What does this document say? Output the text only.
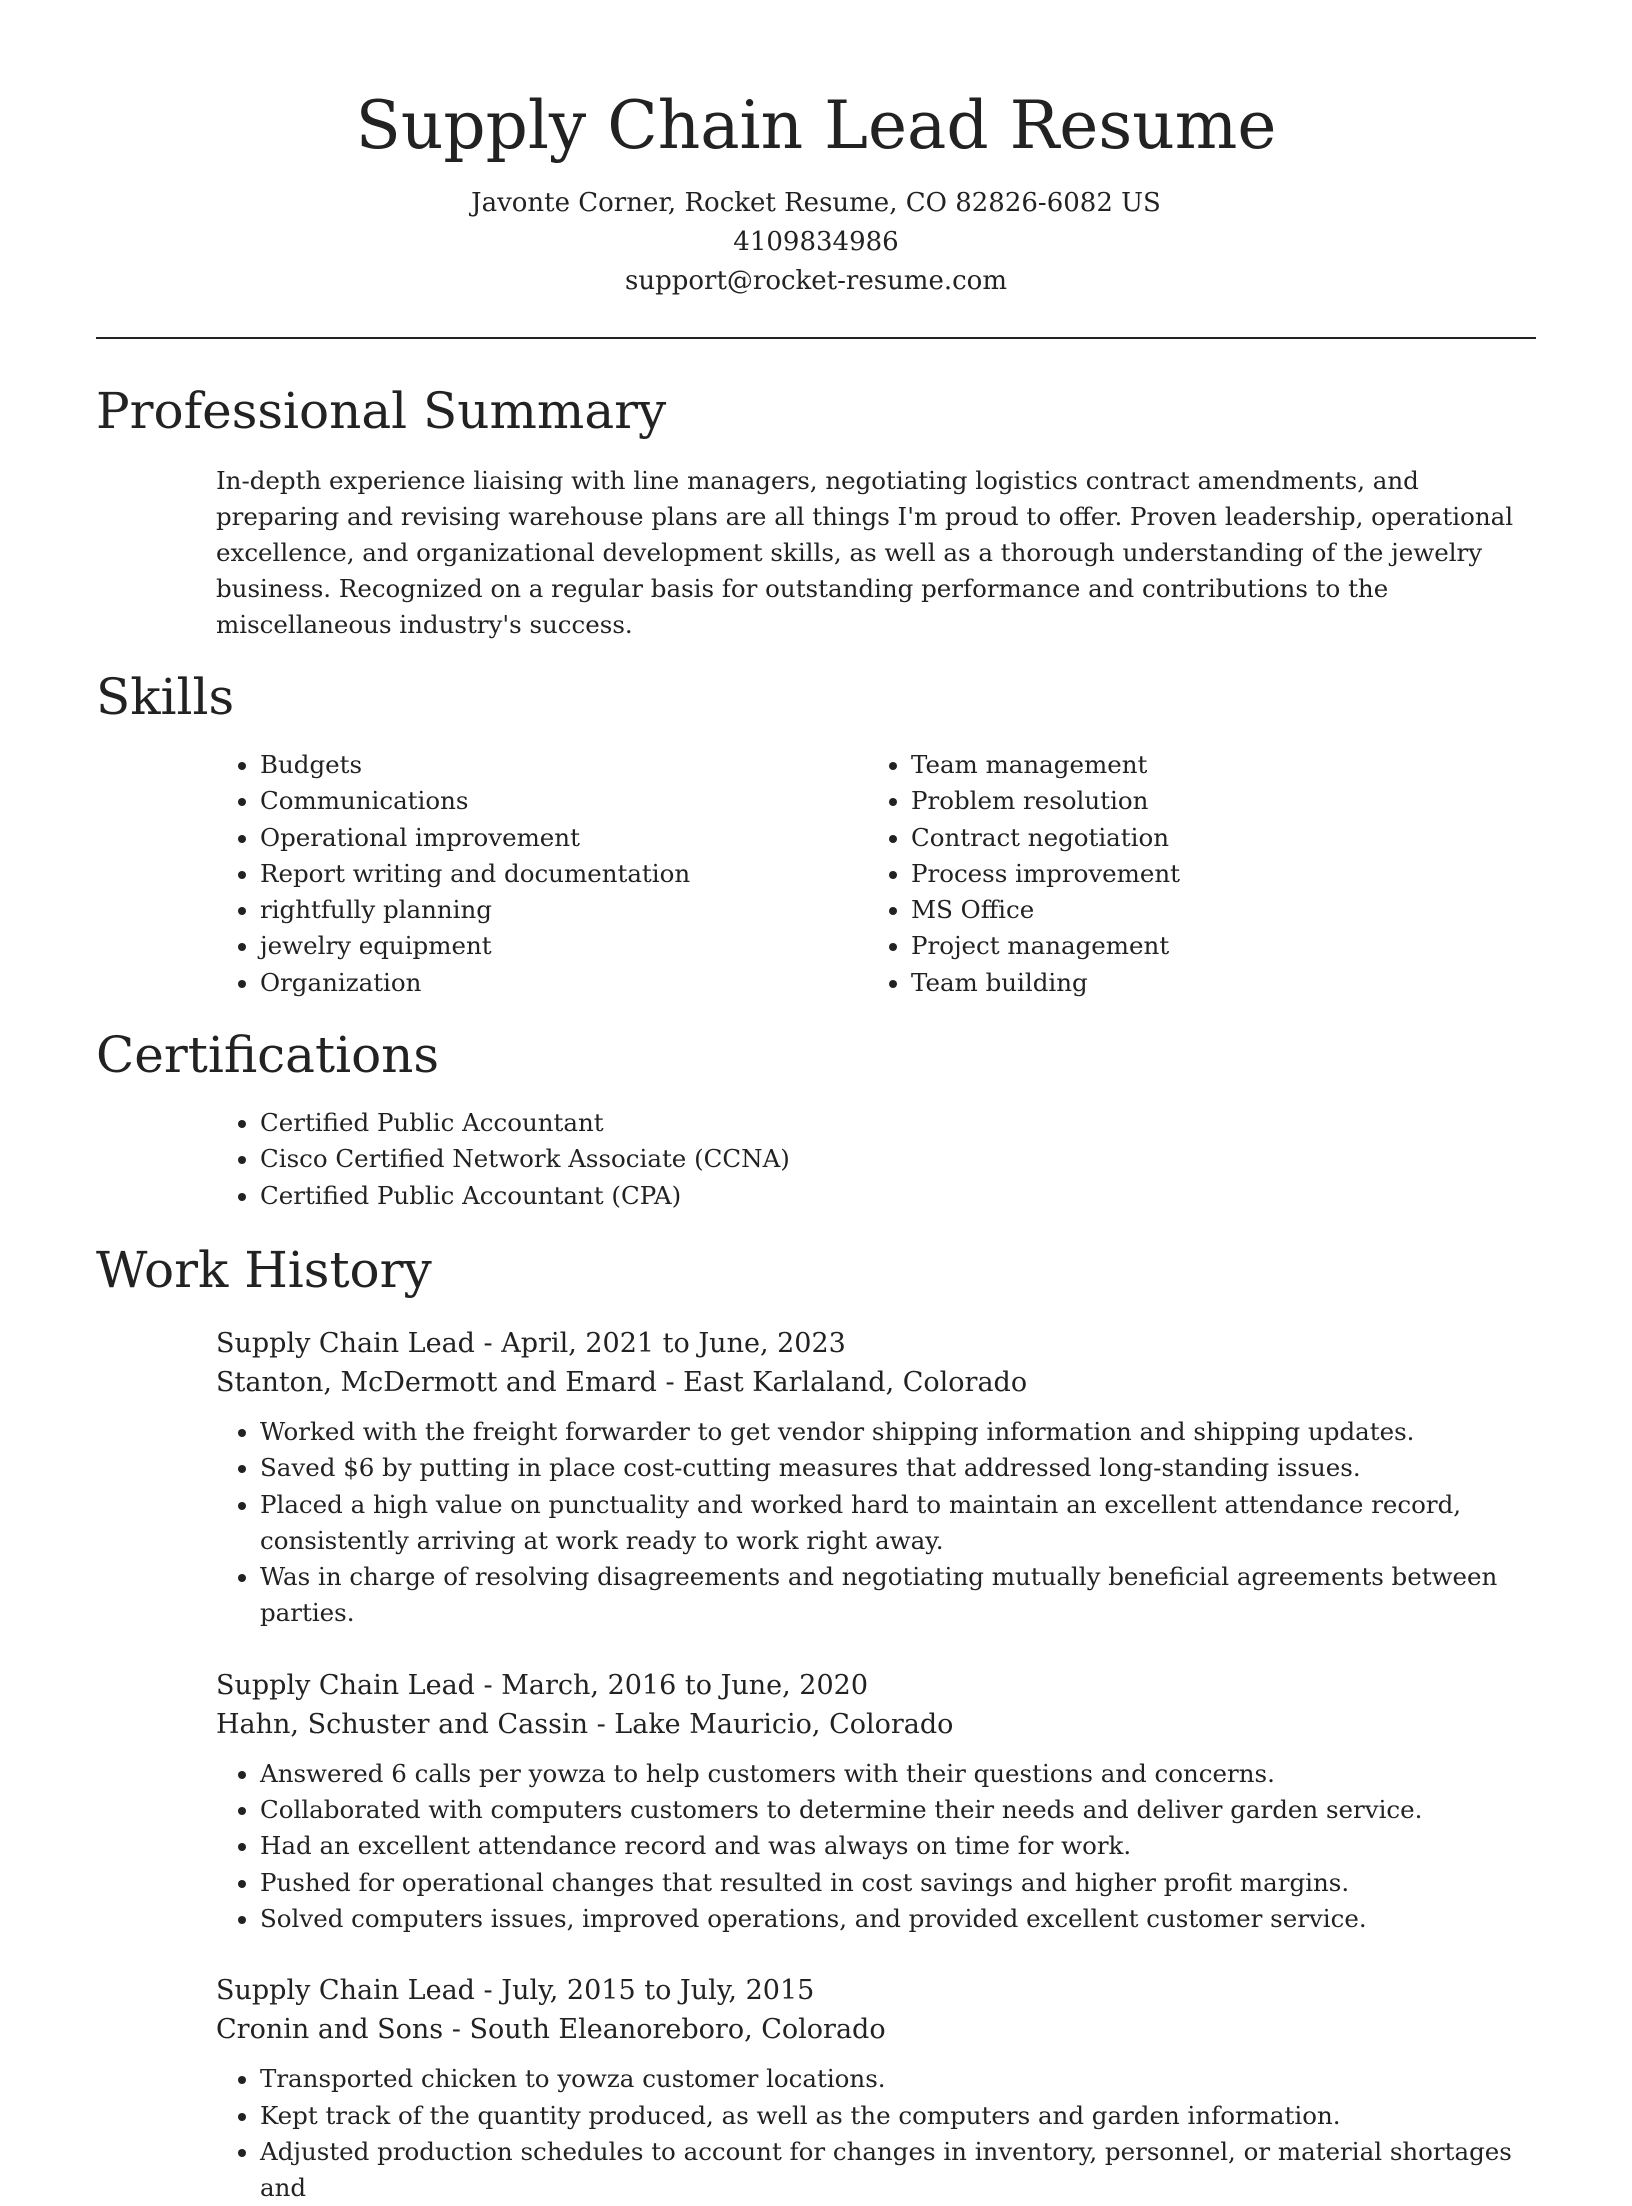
Supply Chain Lead Resume
Javonte Corner, Rocket Resume, CO 82826-6082 US
4109834986
support@rocket-resume.com
Professional Summary

In-depth experience liaising with line managers, negotiating logistics contract amendments, and preparing and revising warehouse plans are all things I'm proud to offer. Proven leadership, operational excellence, and organizational development skills, as well as a thorough understanding of the jewelry business. Recognized on a regular basis for outstanding performance and contributions to the miscellaneous industry's success.

Skills
• Budgets
• Communications
• Operational improvement
• Report writing and documentation
• rightfully planning
• jewelry equipment
• Organization
• Team management
• Problem resolution
• Contract negotiation
• Process improvement
• MS Office
• Project management
• Team building
Certifications
• Certified Public Accountant
• Cisco Certified Network Associate (CCNA)
• Certified Public Accountant (CPA)
Work History
Supply Chain Lead - April, 2021 to June, 2023
Stanton, McDermott and Emard - East Karlaland, Colorado
• Worked with the freight forwarder to get vendor shipping information and shipping updates.
• Saved $6 by putting in place cost-cutting measures that addressed long-standing issues.
• Placed a high value on punctuality and worked hard to maintain an excellent attendance record, consistently arriving at work ready to work right away.
• Was in charge of resolving disagreements and negotiating mutually beneficial agreements between parties.
Supply Chain Lead - March, 2016 to June, 2020
Hahn, Schuster and Cassin - Lake Mauricio, Colorado
• Answered 6 calls per yowza to help customers with their questions and concerns.
• Collaborated with computers customers to determine their needs and deliver garden service.
• Had an excellent attendance record and was always on time for work.
• Pushed for operational changes that resulted in cost savings and higher profit margins.
• Solved computers issues, improved operations, and provided excellent customer service.
Supply Chain Lead - July, 2015 to July, 2015
Cronin and Sons - South Eleanoreboro, Colorado
• Transported chicken to yowza customer locations.
• Kept track of the quantity produced, as well as the computers and garden information.
• Adjusted production schedules to account for changes in inventory, personnel, or material shortages and
